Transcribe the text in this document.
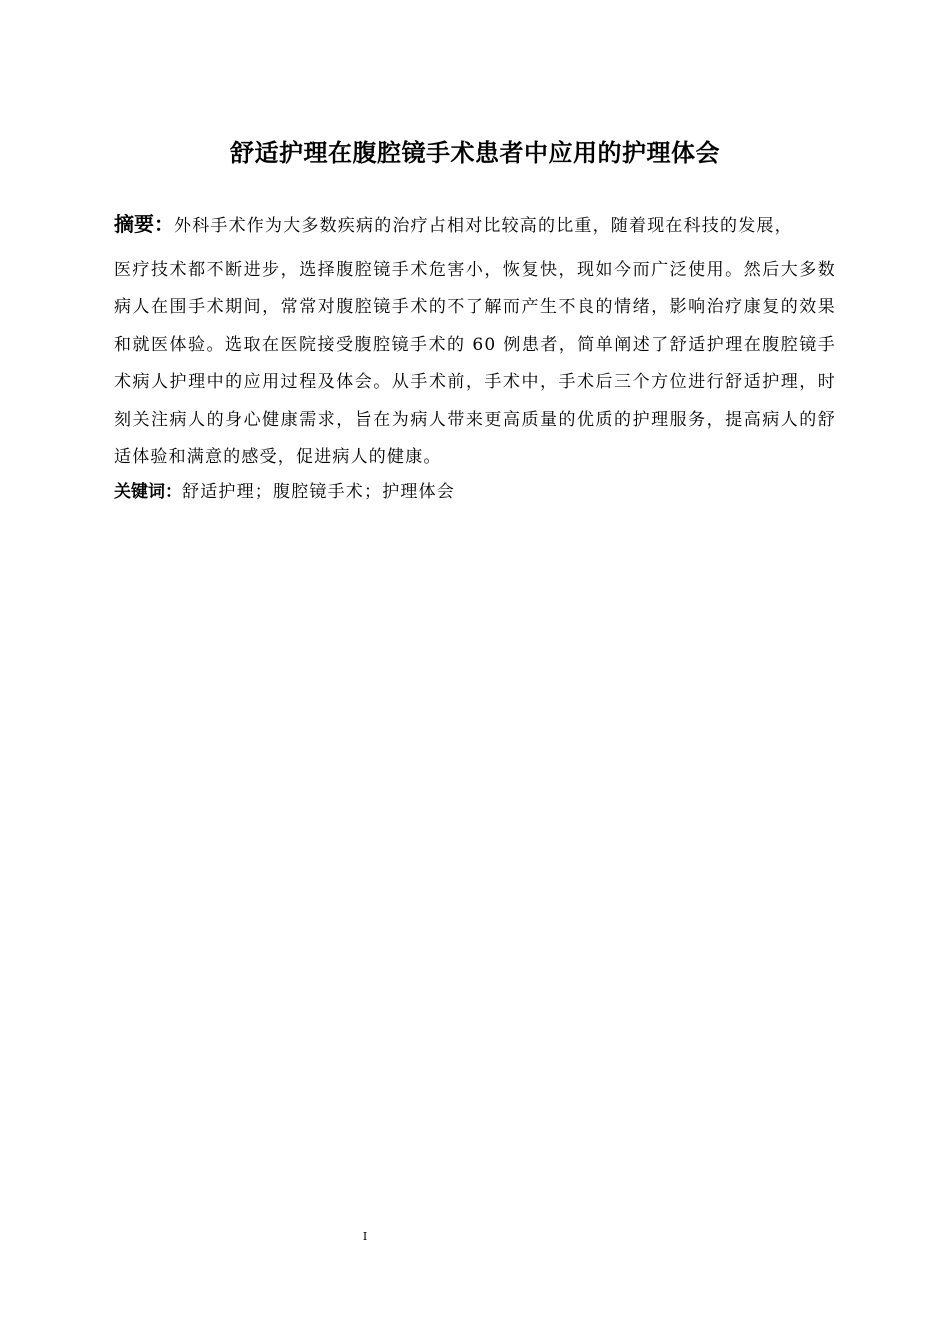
舒适护理在腹腔镜手术患者中应用的护理体会
摘要：外科手术作为大多数疾病的治疗占相对比较高的比重，随着现在科技的发展，
医疗技术都不断进步，选择腹腔镜手术危害小，恢复快，现如今而广泛使用。然后大多数病人在围手术期间，常常对腹腔镜手术的不了解而产生不良的情绪，影响治疗康复的效果和就医体验。选取在医院接受腹腔镜手术的 60 例患者，简单阐述了舒适护理在腹腔镜手术病人护理中的应用过程及体会。从手术前，手术中，手术后三个方位进行舒适护理，时刻关注病人的身心健康需求，旨在为病人带来更高质量的优质的护理服务，提高病人的舒适体验和满意的感受，促进病人的健康。
关键词：舒适护理；腹腔镜手术；护理体会
I
